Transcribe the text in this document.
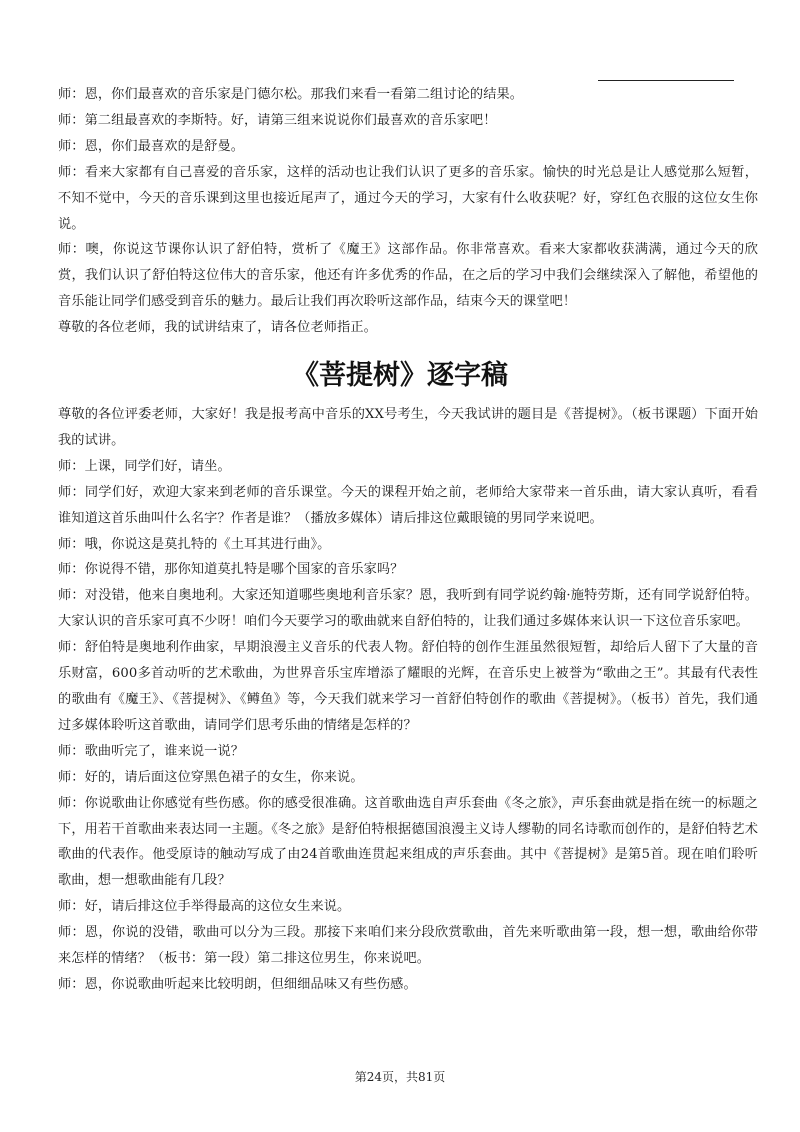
师：恩，你们最喜欢的音乐家是门德尔松。那我们来看一看第二组讨论的结果。

师：第二组最喜欢的李斯特。好，请第三组来说说你们最喜欢的音乐家吧！

师：恩，你们最喜欢的是舒曼。

师：看来大家都有自己喜爱的音乐家，这样的活动也让我们认识了更多的音乐家。愉快的时光总是让人感觉那么短暂，不知不觉中，今天的音乐课到这里也接近尾声了，通过今天的学习，大家有什么收获呢？好，穿红色衣服的这位女生你说。

师：噢，你说这节课你认识了舒伯特，赏析了《魔王》这部作品。你非常喜欢。看来大家都收获满满，通过今天的欣赏，我们认识了舒伯特这位伟大的音乐家，他还有许多优秀的作品，在之后的学习中我们会继续深入了解他，希望他的音乐能让同学们感受到音乐的魅力。最后让我们再次聆听这部作品，结束今天的课堂吧！

尊敬的各位老师，我的试讲结束了，请各位老师指正。

《菩提树》逐字稿

尊敬的各位评委老师，大家好！我是报考高中音乐的XX号考生，今天我试讲的题目是《菩提树》。（板书课题）下面开始我的试讲。

师：上课，同学们好，请坐。

师：同学们好，欢迎大家来到老师的音乐课堂。今天的课程开始之前，老师给大家带来一首乐曲，请大家认真听，看看谁知道这首乐曲叫什么名字？作者是谁？（播放多媒体）请后排这位戴眼镜的男同学来说吧。

师：哦，你说这是莫扎特的《土耳其进行曲》。

师：你说得不错，那你知道莫扎特是哪个国家的音乐家吗？

师：对没错，他来自奥地利。大家还知道哪些奥地利音乐家？恩，我听到有同学说约翰·施特劳斯，还有同学说舒伯特。大家认识的音乐家可真不少呀！咱们今天要学习的歌曲就来自舒伯特的，让我们通过多媒体来认识一下这位音乐家吧。

师：舒伯特是奥地利作曲家，早期浪漫主义音乐的代表人物。舒伯特的创作生涯虽然很短暂，却给后人留下了大量的音乐财富，600多首动听的艺术歌曲，为世界音乐宝库增添了耀眼的光辉，在音乐史上被誉为“歌曲之王”。其最有代表性的歌曲有《魔王》、《菩提树》、《鳟鱼》等，今天我们就来学习一首舒伯特创作的歌曲《菩提树》。（板书）首先，我们通过多媒体聆听这首歌曲，请同学们思考乐曲的情绪是怎样的？

师：歌曲听完了，谁来说一说？

师：好的，请后面这位穿黑色裙子的女生，你来说。

师：你说歌曲让你感觉有些伤感。你的感受很准确。这首歌曲选自声乐套曲《冬之旅》，声乐套曲就是指在统一的标题之下，用若干首歌曲来表达同一主题。《冬之旅》是舒伯特根据德国浪漫主义诗人缪勒的同名诗歌而创作的，是舒伯特艺术歌曲的代表作。他受原诗的触动写成了由24首歌曲连贯起来组成的声乐套曲。其中《菩提树》是第5首。现在咱们聆听歌曲，想一想歌曲能有几段？

师：好，请后排这位手举得最高的这位女生来说。

师：恩，你说的没错，歌曲可以分为三段。那接下来咱们来分段欣赏歌曲，首先来听歌曲第一段，想一想，歌曲给你带来怎样的情绪？（板书：第一段）第二排这位男生，你来说吧。

师：恩，你说歌曲听起来比较明朗，但细细品味又有些伤感。

第24页，共81页
